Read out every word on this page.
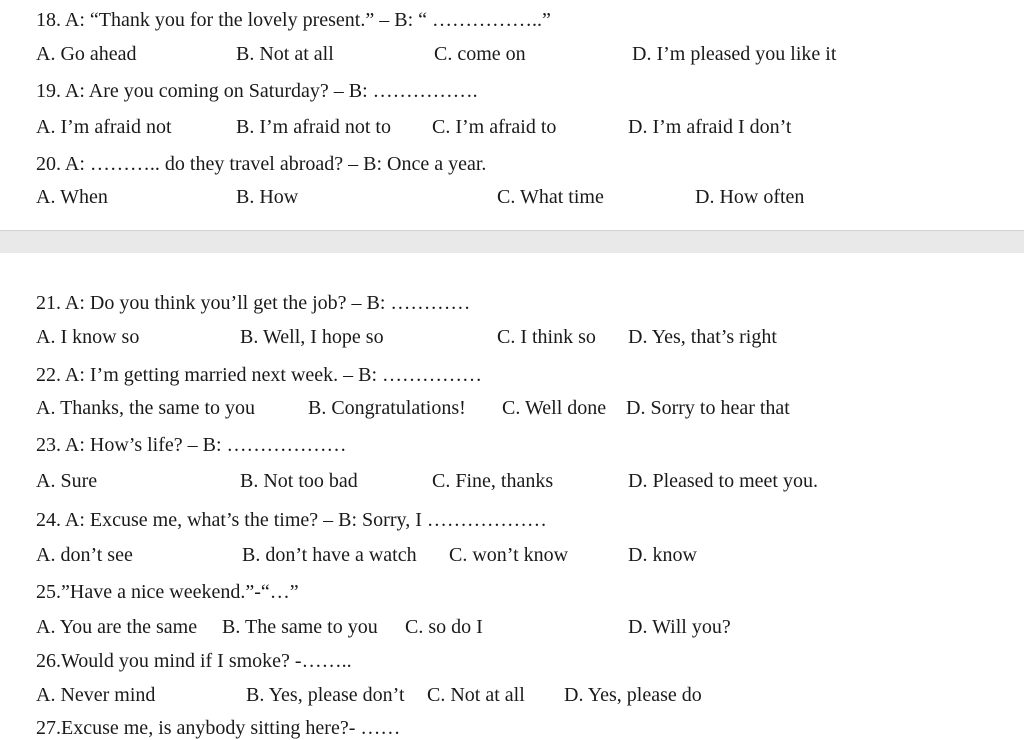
18. A: “Thank you for the lovely present.” – B: “ ……………..”
A. Go ahead	B. Not at all	C. come on	D. I’m pleased you like it
19. A: Are you coming on Saturday? – B: …………….
A. I’m afraid not	B. I’m afraid not to C. I’m afraid to	D. I’m afraid I don’t
20. A: ……….. do they travel abroad? – B: Once a year.
A. When	B. How	C. What time	D. How often
21. A: Do you think you’ll get the job? – B: …………
A. I know so	B. Well, I hope so	C. I think so D. Yes, that’s right
22. A: I’m getting married next week. – B: ……………
A. Thanks, the same to you	B. Congratulations! C. Well done D. Sorry to hear that
23. A: How’s life? – B: ………………
A. Sure	B. Not too bad	C. Fine, thanks	D. Pleased to meet you.
24. A: Excuse me, what’s the time? – B: Sorry, I ………………
A. don’t see	B. don’t have a watch C. won’t know	D. know
25.”Have a nice weekend.”-“…”
A. You are the same B. The same to you C. so do I	D. Will you?
26.Would you mind if I smoke? -……..
A. Never mind	B. Yes, please don’t C. Not at all D. Yes, please do
27.Excuse me, is anybody sitting here?- ……
